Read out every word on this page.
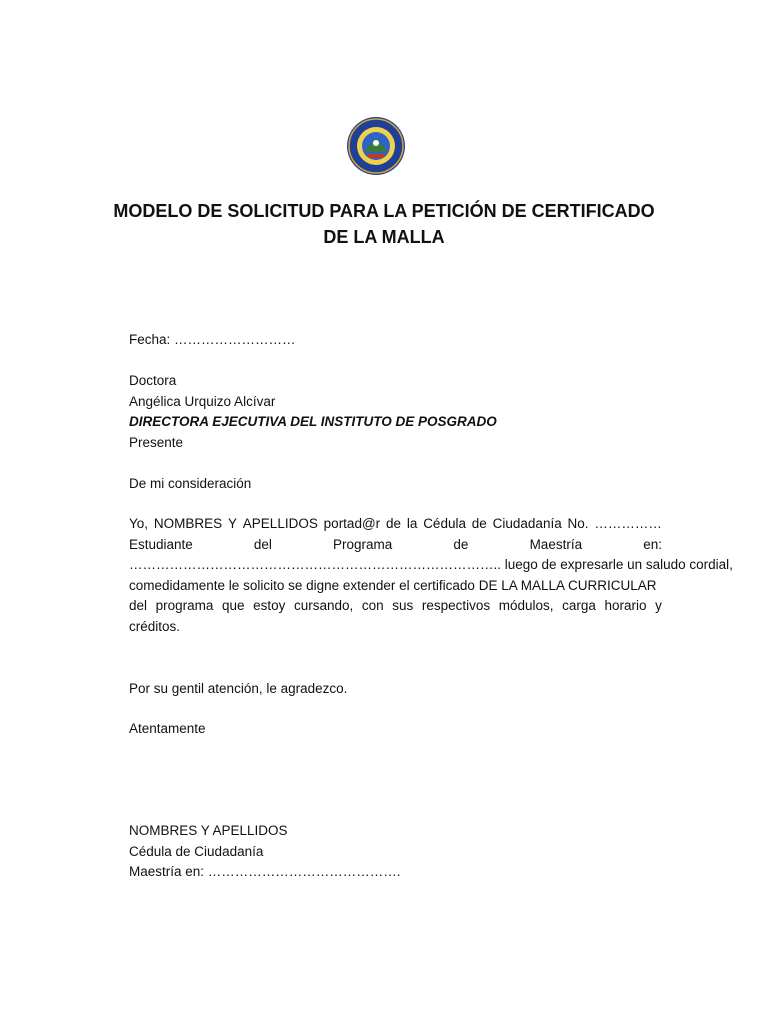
MODELO DE SOLICITUD PARA LA PETICIÓN DE CERTIFICADO DE LA MALLA
Fecha: ………………………
Doctora
Angélica Urquizo Alcívar
DIRECTORA EJECUTIVA DEL INSTITUTO DE POSGRADO
Presente
De mi consideración
Yo, NOMBRES Y APELLIDOS portad@r de la Cédula de Ciudadanía No. ……………
Estudiante	del	Programa	de	Maestría	en:
……………………………………………………………………….. luego de expresarle un saludo cordial,
comedidamente le solicito se digne extender el certificado DE LA MALLA CURRICULAR
del programa que estoy cursando, con sus respectivos módulos, carga horario y
créditos.
Por su gentil atención, le agradezco.
Atentamente
NOMBRES Y APELLIDOS
Cédula de Ciudadanía
Maestría en: …………………………………….
